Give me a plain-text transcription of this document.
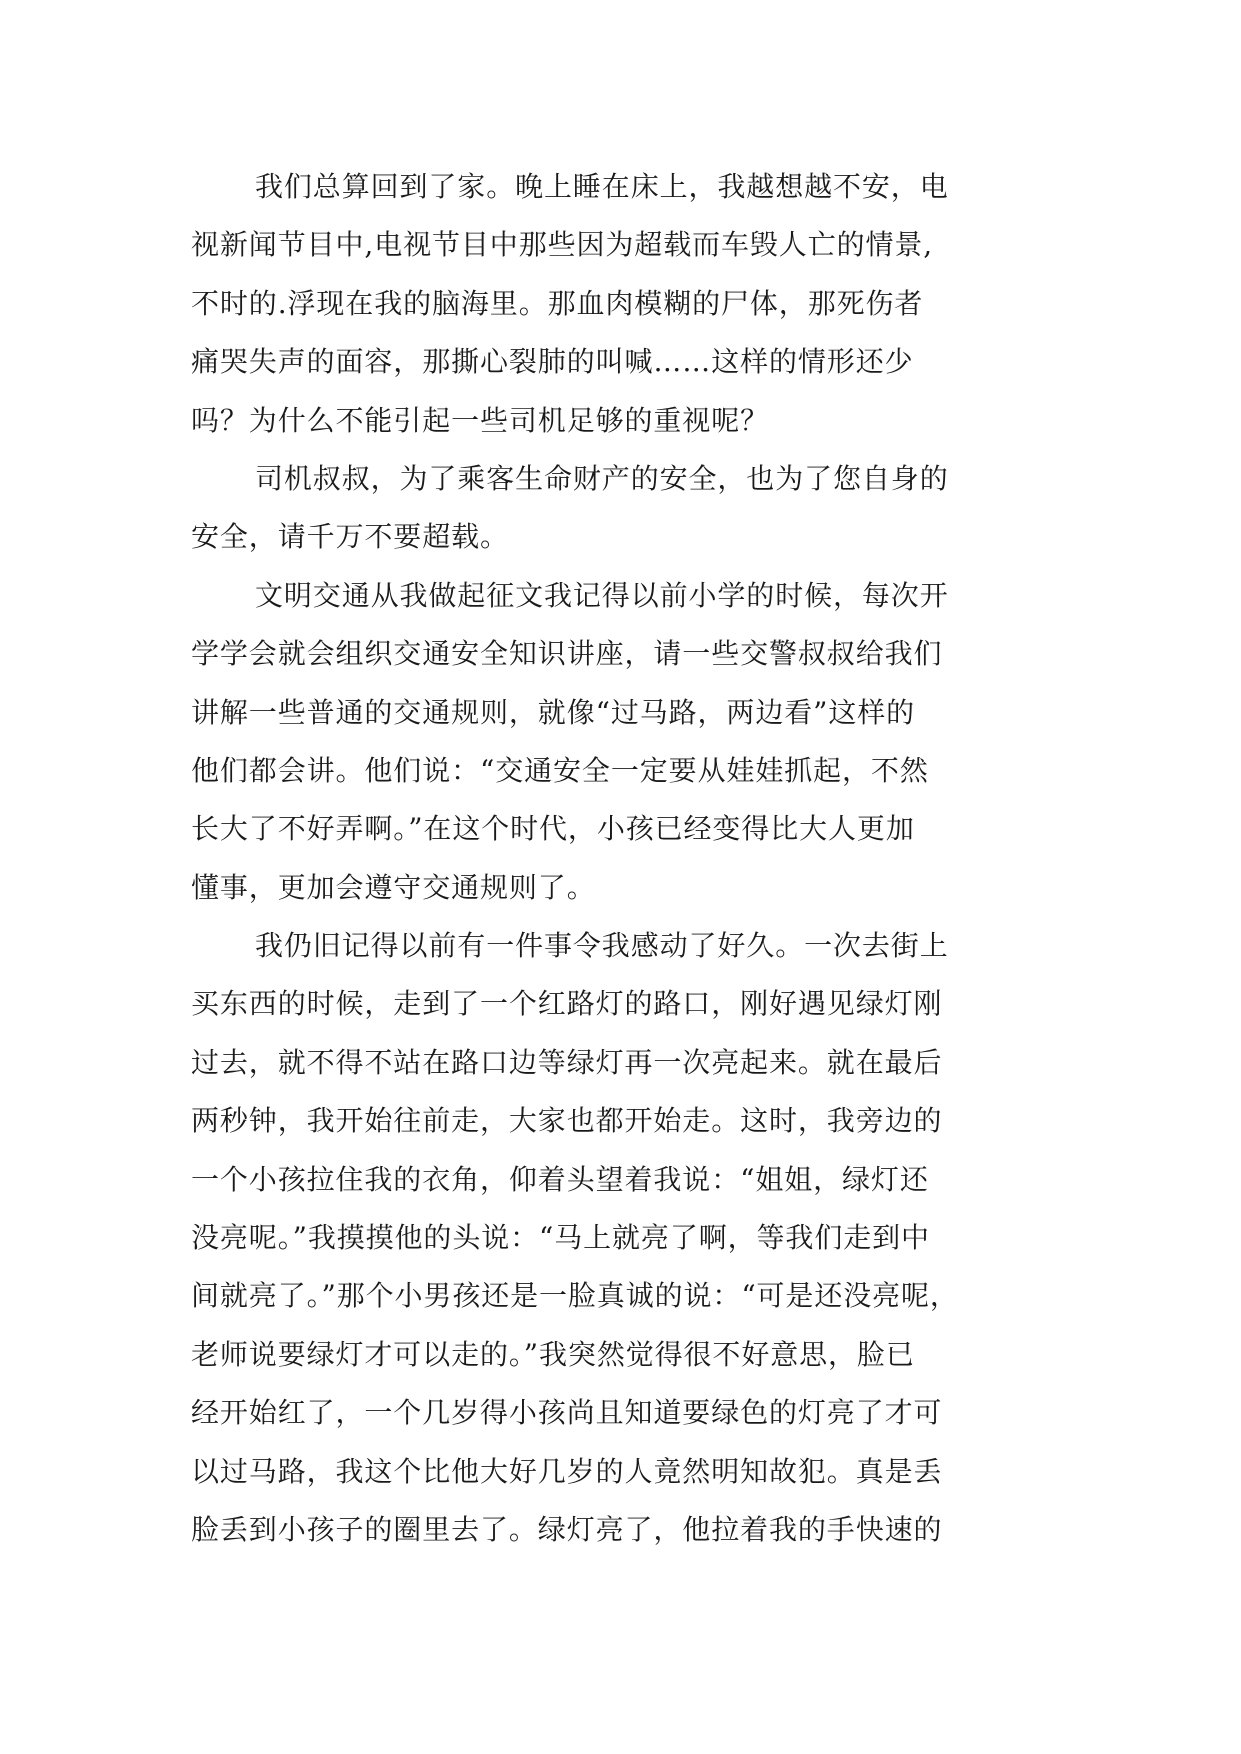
我们总算回到了家。晚上睡在床上，我越想越不安，电
视新闻节目中,电视节目中那些因为超载而车毁人亡的情景,
不时的.浮现在我的脑海里。那血肉模糊的尸体，那死伤者
痛哭失声的面容，那撕心裂肺的叫喊……这样的情形还少
吗？为什么不能引起一些司机足够的重视呢？
司机叔叔，为了乘客生命财产的安全，也为了您自身的
安全，请千万不要超载。
文明交通从我做起征文我记得以前小学的时候，每次开
学学会就会组织交通安全知识讲座，请一些交警叔叔给我们
讲解一些普通的交通规则，就像“过马路，两边看”这样的
他们都会讲。他们说：“交通安全一定要从娃娃抓起，不然
长大了不好弄啊。”在这个时代，小孩已经变得比大人更加
懂事，更加会遵守交通规则了。
我仍旧记得以前有一件事令我感动了好久。一次去街上
买东西的时候，走到了一个红路灯的路口，刚好遇见绿灯刚
过去，就不得不站在路口边等绿灯再一次亮起来。就在最后
两秒钟，我开始往前走，大家也都开始走。这时，我旁边的
一个小孩拉住我的衣角，仰着头望着我说：“姐姐，绿灯还
没亮呢。”我摸摸他的头说：“马上就亮了啊，等我们走到中
间就亮了。”那个小男孩还是一脸真诚的说：“可是还没亮呢，
老师说要绿灯才可以走的。”我突然觉得很不好意思，脸已
经开始红了，一个几岁得小孩尚且知道要绿色的灯亮了才可
以过马路，我这个比他大好几岁的人竟然明知故犯。真是丢
脸丢到小孩子的圈里去了。绿灯亮了，他拉着我的手快速的
